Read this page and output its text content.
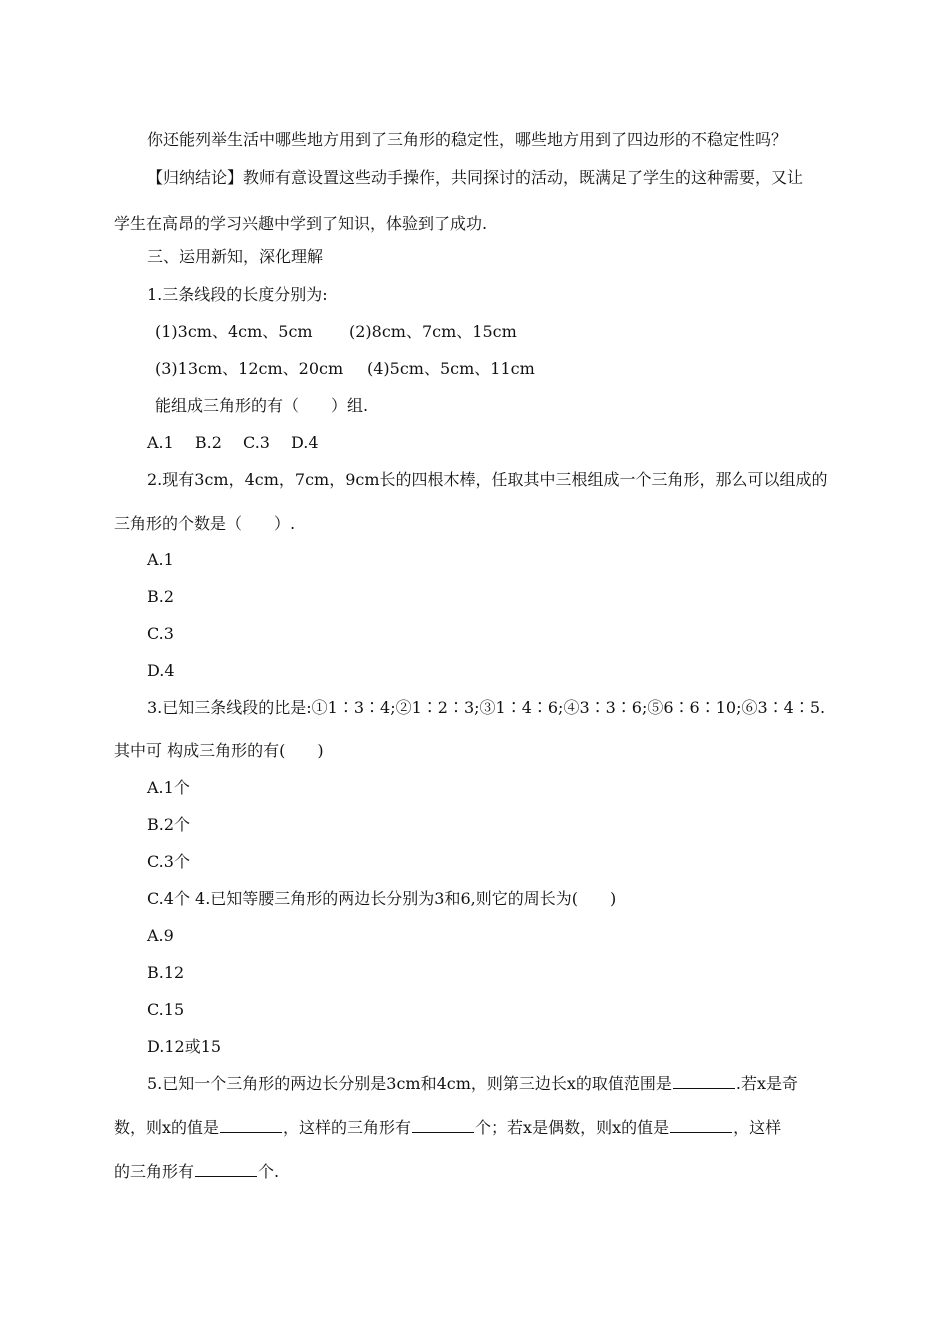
你还能列举生活中哪些地方用到了三角形的稳定性，哪些地方用到了四边形的不稳定性吗？
【归纳结论】教师有意设置这些动手操作，共同探讨的活动，既满足了学生的这种需要，又让
学生在高昂的学习兴趣中学到了知识，体验到了成功.
三、运用新知，深化理解
1.三条线段的长度分别为:
(1)3cm、4cm、5cm (2)8cm、7cm、15cm
(3)13cm、12cm、20cm (4)5cm、5cm、11cm
能组成三角形的有（　　）组.
A.1　 B.2　 C.3　 D.4
2.现有3cm，4cm，7cm，9cm长的四根木棒，任取其中三根组成一个三角形，那么可以组成的
三角形的个数是（　　）.
A.1
B.2
C.3
D.4
3.已知三条线段的比是:①1∶3∶4;②1∶2∶3;③1∶4∶6;④3∶3∶6;⑤6∶6∶10;⑥3∶4∶5.
其中可 构成三角形的有(　　)
A.1个
B.2个
C.3个
C.4个 4.已知等腰三角形的两边长分别为3和6,则它的周长为(　　)
A.9
B.12
C.15
D.12或15
5.已知一个三角形的两边长分别是3cm和4cm，则第三边长x的取值范围是	.若x是奇
数，则x的值是	，这样的三角形有	个；若x是偶数，则x的值是	，这样
的三角形有	个.
